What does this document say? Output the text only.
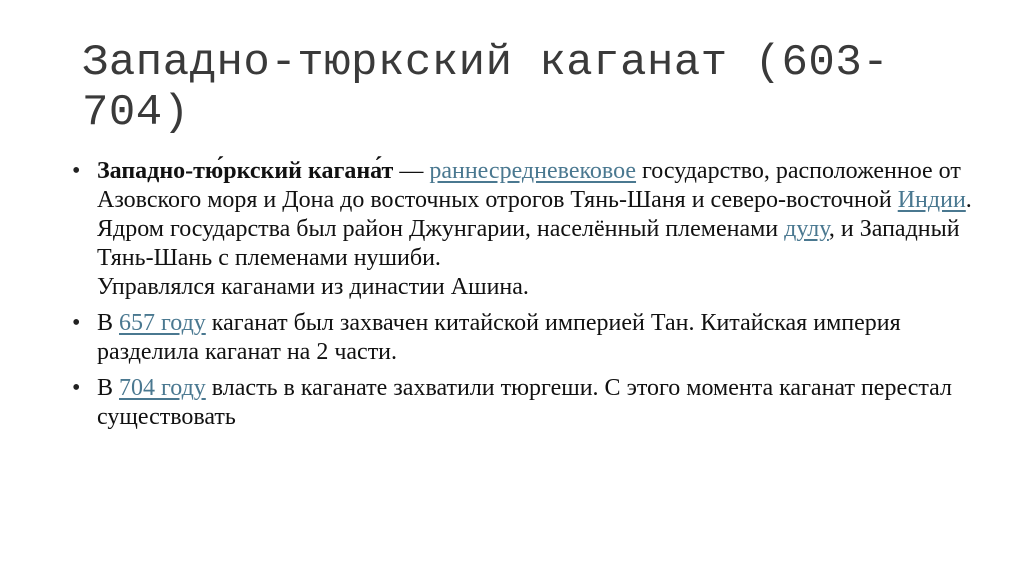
Западно-тюркский каганат (603-
704)
• Западно-тю́ркский кагана́т — раннесредневековое государство, расположенное от Азовского моря и Дона до восточных отрогов Тянь-Шаня и северо-восточной Индии. Ядром государства был район Джунгарии, населённый племенами дулу, и Западный Тянь-Шань с племенами нушиби.
Управлялся каганами из династии Ашина.
• В 657 году каганат был захвачен китайской империей Тан. Китайская империя разделила каганат на 2 части.
• В 704 году власть в каганате захватили тюргеши. С этого момента каганат перестал существовать
